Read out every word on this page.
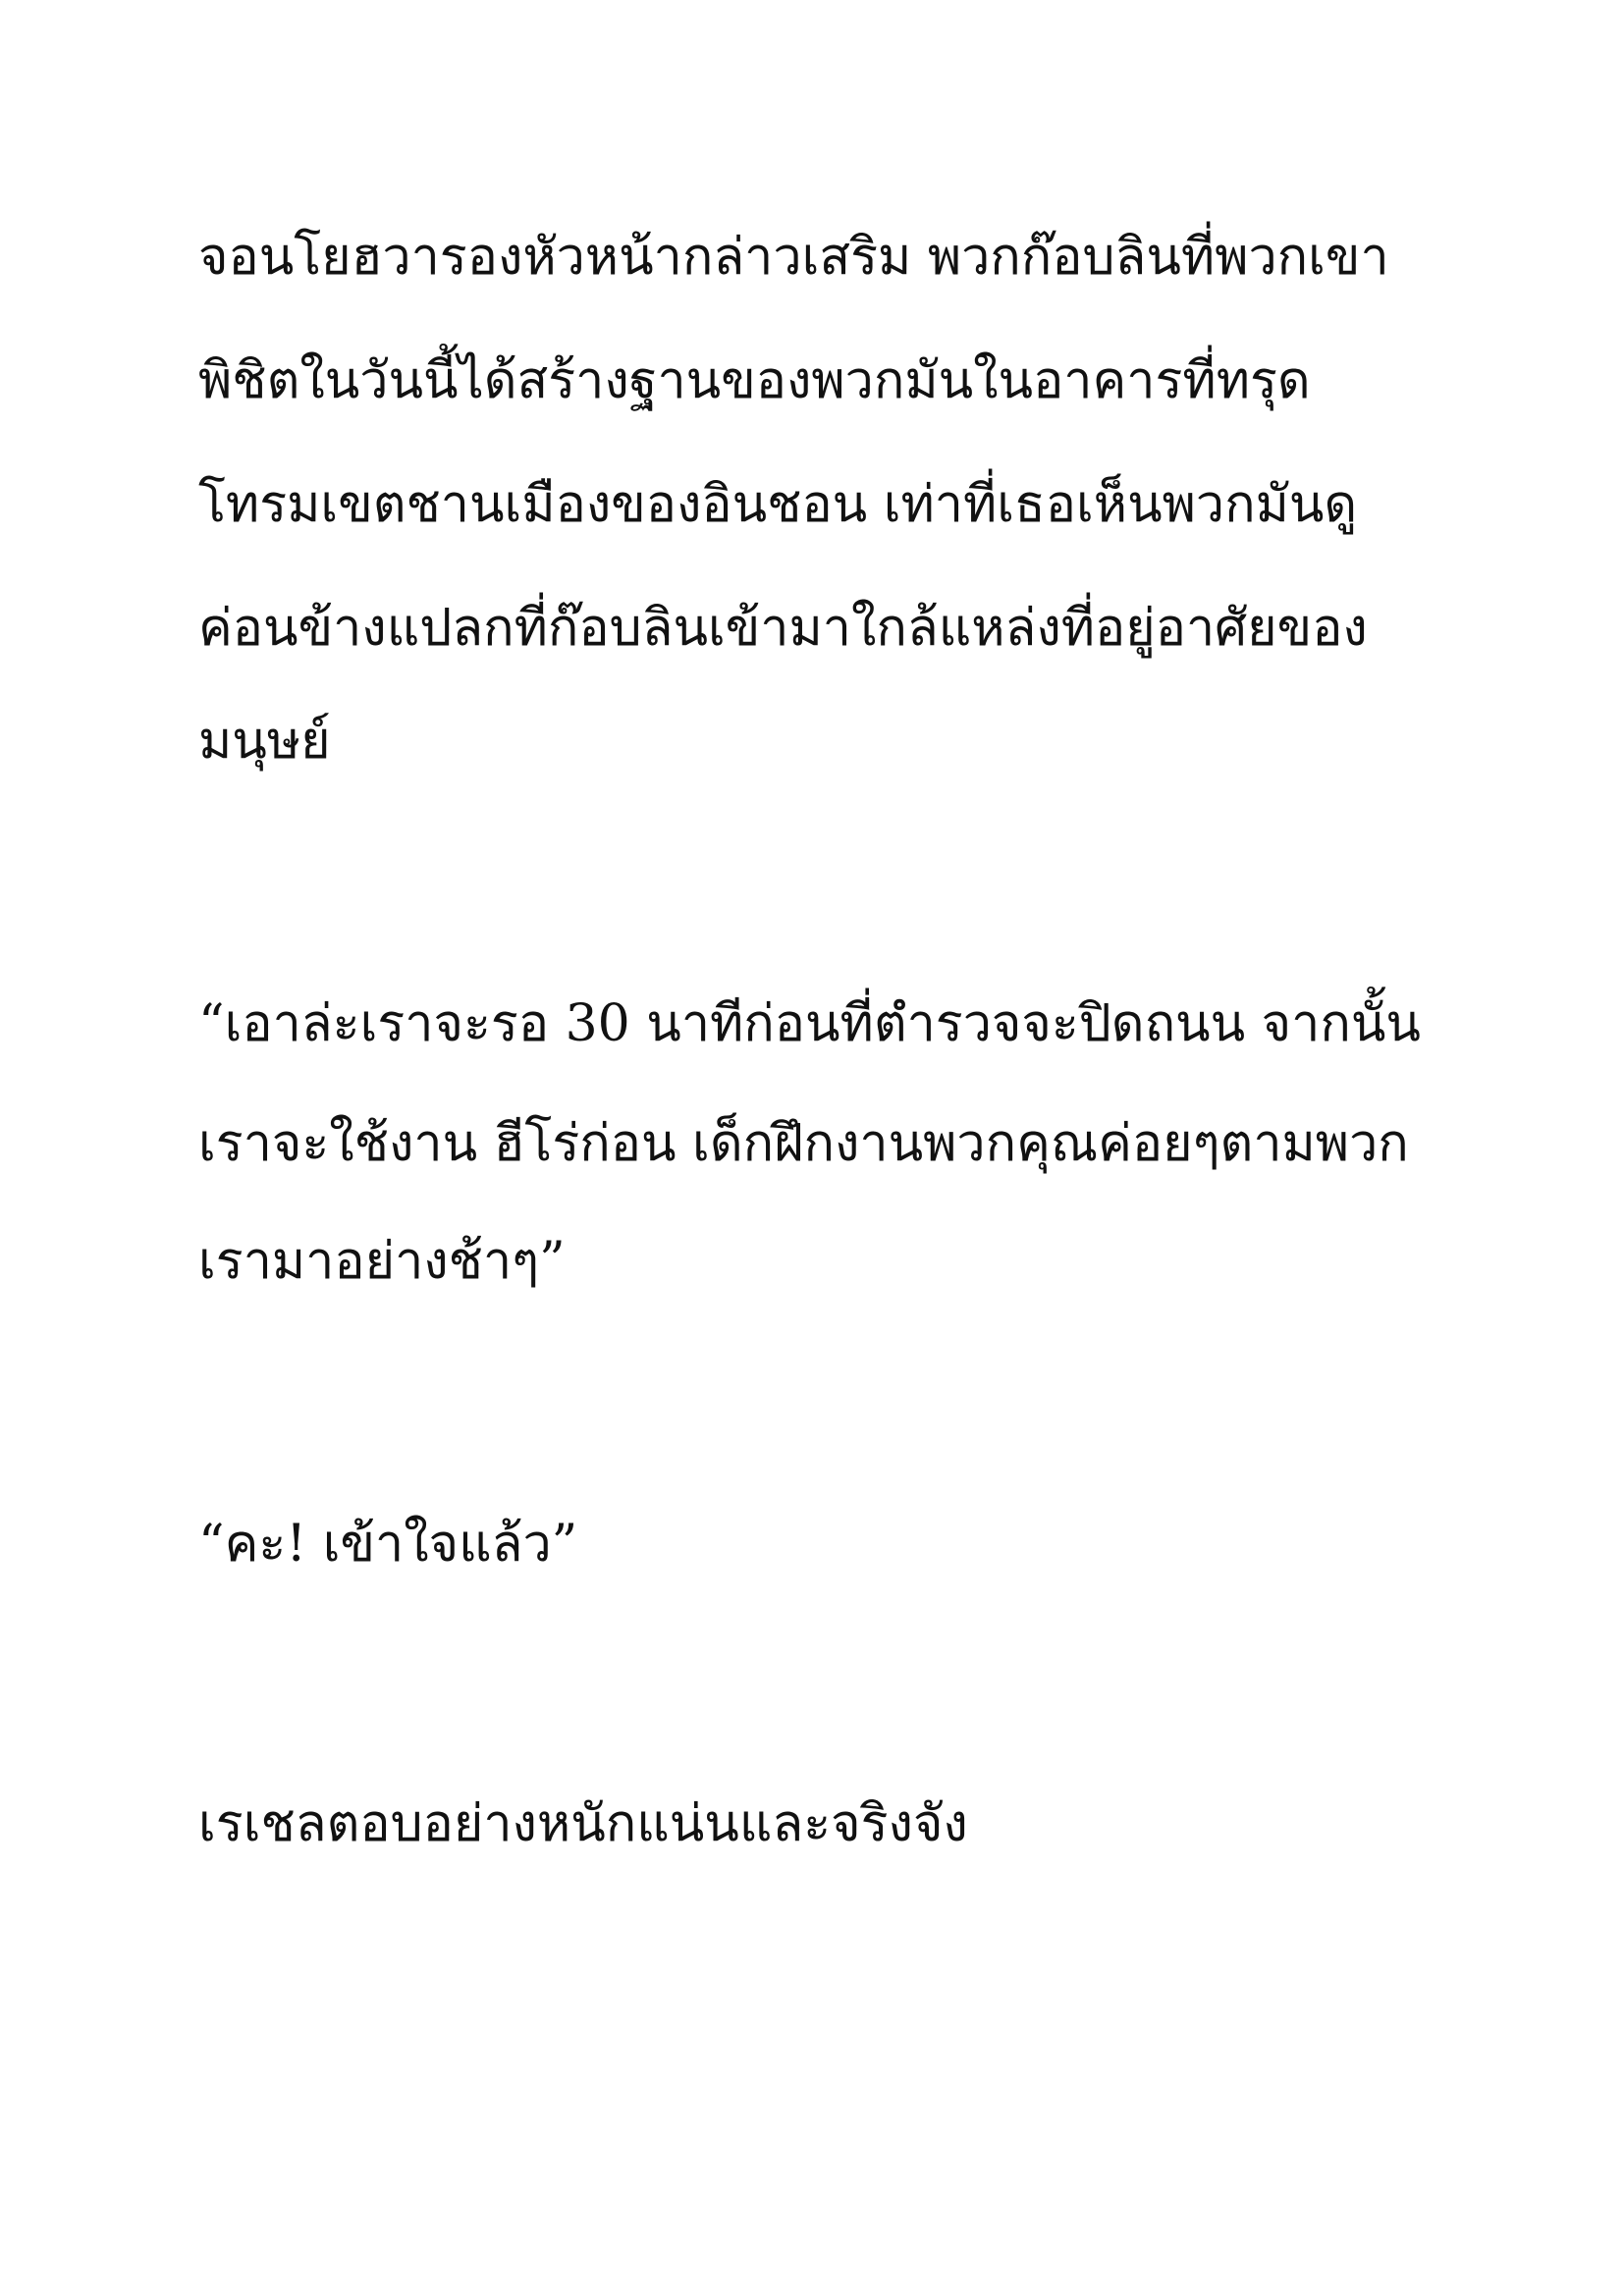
จอนโยฮวารองหัวหน้ากล่าวเสริม พวกก๊อบลินที่พวกเขา
พิชิตในวันนี้ได้สร้างฐานของพวกมันในอาคารที่ทรุด
โทรมเขตชานเมืองของอินชอน เท่าที่เธอเห็นพวกมันดู
ค่อนข้างแปลกที่ก๊อบลินเข้ามาใกล้แหล่งที่อยู่อาศัยของ
มนุษย์
“เอาล่ะเราจะรอ 30 นาทีก่อนที่ตำรวจจะปิดถนน จากนั้น
เราจะใช้งาน ฮีโร่ก่อน เด็กฝึกงานพวกคุณค่อยๆตามพวก
เรามาอย่างช้าๆ”
“คะ! เข้าใจแล้ว”
เรเชลตอบอย่างหนักแน่นและจริงจัง
